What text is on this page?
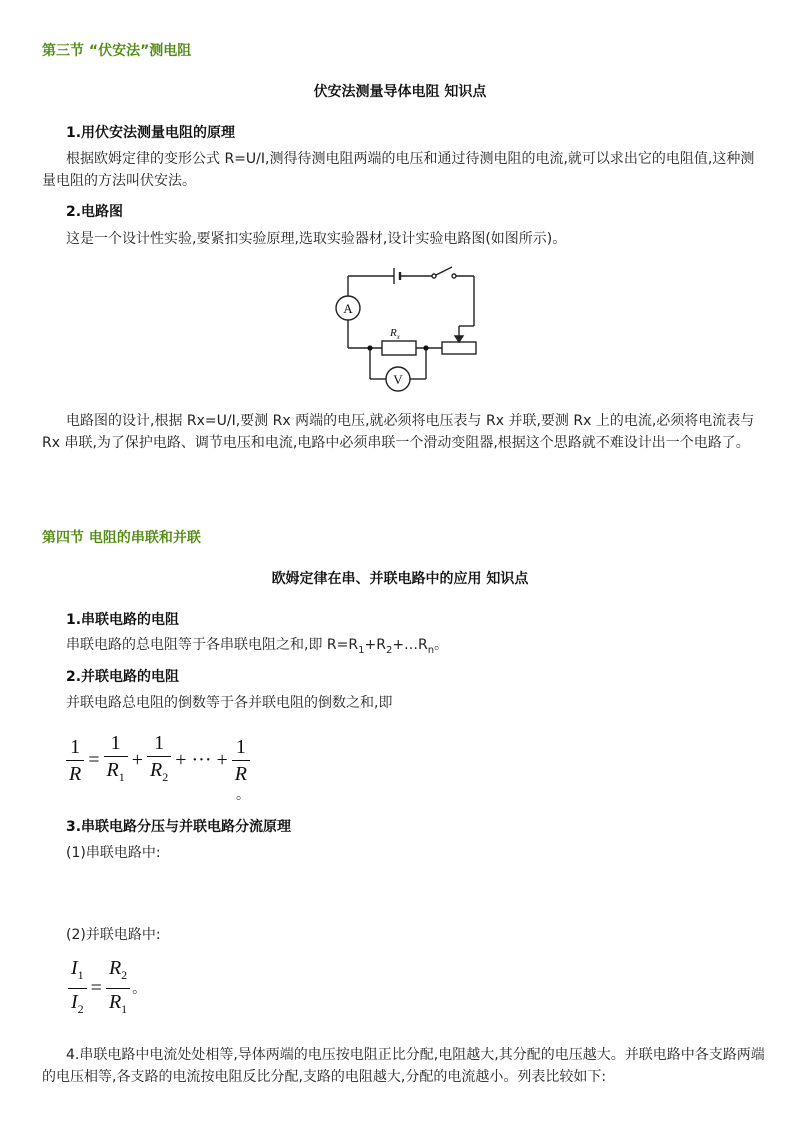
第三节 “伏安法”测电阻
伏安法测量导体电阻 知识点
1.用伏安法测量电阻的原理
根据欧姆定律的变形公式 R=U/I,测得待测电阻两端的电压和通过待测电阻的电流,就可以求出它的电阻值,这种测量电阻的方法叫伏安法。
2.电路图
这是一个设计性实验,要紧扣实验原理,选取实验器材,设计实验电路图(如图所示)。
A
V
$R_x$
电路图的设计,根据 Rx=U/I,要测 Rx 两端的电压,就必须将电压表与 Rx 并联,要测 Rx 上的电流,必须将电流表与 Rx 串联,为了保护电路、调节电压和电流,电路中必须串联一个滑动变阻器,根据这个思路就不难设计出一个电路了。
第四节 电阻的串联和并联
欧姆定律在串、并联电路中的应用 知识点
1.串联电路的电阻
串联电路的总电阻等于各串联电阻之和,即 $R=R_1+R_2+\dots R_n$。
2.并联电路的电阻
并联电路总电阻的倒数等于各并联电阻的倒数之和,即
$\frac{1}{R} = \frac{1}{R_1} + \frac{1}{R_2}$ + ··· + $\frac{1}{R}$
。
3.串联电路分压与并联电路分流原理
(1)串联电路中:
(2)并联电路中:
$\frac{I_1}{I_2} = \frac{R_2}{R_1}$ 。
4.串联电路中电流处处相等,导体两端的电压按电阻正比分配,电阻越大,其分配的电压越大。并联电路中各支路两端的电压相等,各支路的电流按电阻反比分配,支路的电阻越大,分配的电流越小。列表比较如下:
